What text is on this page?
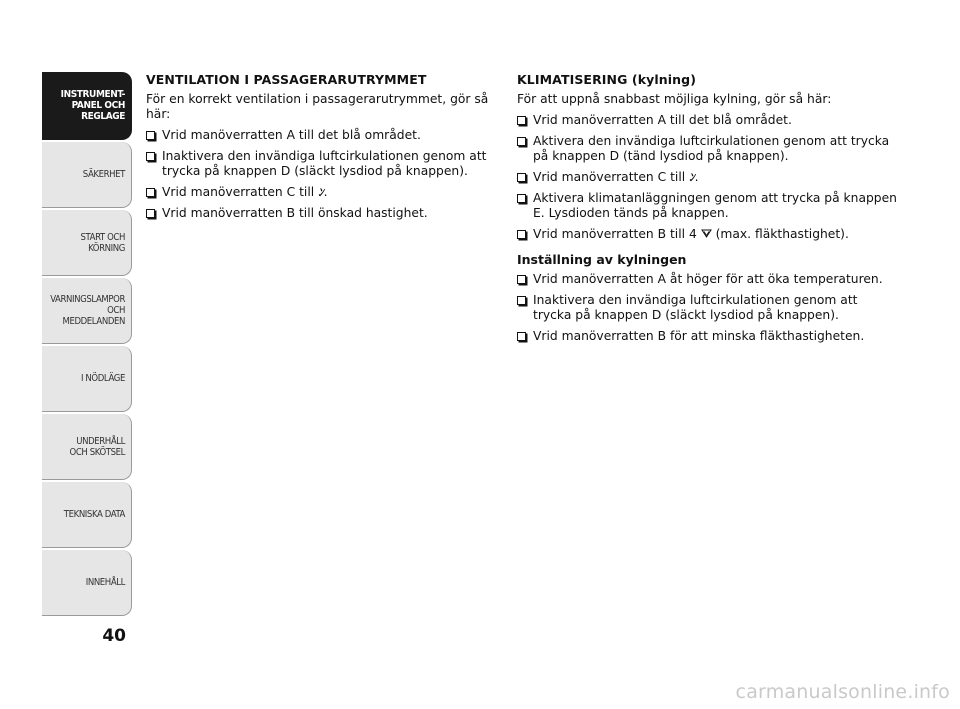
INSTRUMENT-
PANEL OCH
REGLAGE
SÄKERHET
START OCH
KÖRNING
VARNINGSLAMPOR
OCH
MEDDELANDEN
I NÖDLÄGE
UNDERHÅLL
OCH SKÖTSEL
TEKNISKA DATA
INNEHÅLL
40
VENTILATION I PASSAGERARUTRYMMET
För en korrekt ventilation i passagerarutrymmet, gör så här:
Vrid manöverratten A till det blå området.
Inaktivera den invändiga luftcirkulationen genom att trycka på knappen D (släckt lysdiod på knappen).
Vrid manöverratten C till ﾝ.
Vrid manöverratten B till önskad hastighet.
KLIMATISERING (kylning)
För att uppnå snabbast möjliga kylning, gör så här:
Vrid manöverratten A till det blå området.
Aktivera den invändiga luftcirkulationen genom att trycka på knappen D (tänd lysdiod på knappen).
Vrid manöverratten C till ﾝ.
Aktivera klimatanläggningen genom att trycka på knappen E. Lysdioden tänds på knappen.
Vrid manöverratten B till 4  (max. fläkthastighet).
Inställning av kylningen
Vrid manöverratten A åt höger för att öka temperaturen.
Inaktivera den invändiga luftcirkulationen genom att trycka på knappen D (släckt lysdiod på knappen).
Vrid manöverratten B för att minska fläkthastigheten.
carmanualsonline.info
